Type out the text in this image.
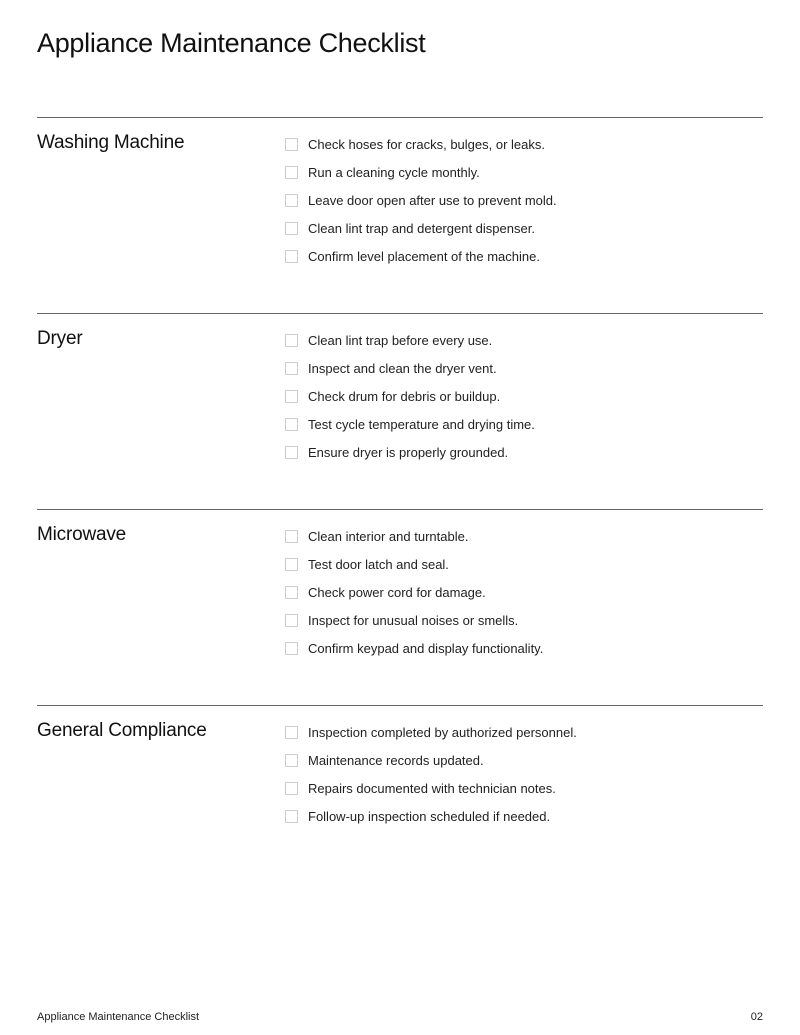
Appliance Maintenance Checklist
Washing Machine	Check hoses for cracks, bulges, or leaks.
Run a cleaning cycle monthly.
Leave door open after use to prevent mold.
Clean lint trap and detergent dispenser.
Confirm level placement of the machine.
Dryer	Clean lint trap before every use.
Inspect and clean the dryer vent.
Check drum for debris or buildup.
Test cycle temperature and drying time.
Ensure dryer is properly grounded.
Microwave	Clean interior and turntable.
Test door latch and seal.
Check power cord for damage.
Inspect for unusual noises or smells.
Confirm keypad and display functionality.
General Compliance	Inspection completed by authorized personnel.
Maintenance records updated.
Repairs documented with technician notes.
Follow-up inspection scheduled if needed.
Appliance Maintenance Checklist	02
